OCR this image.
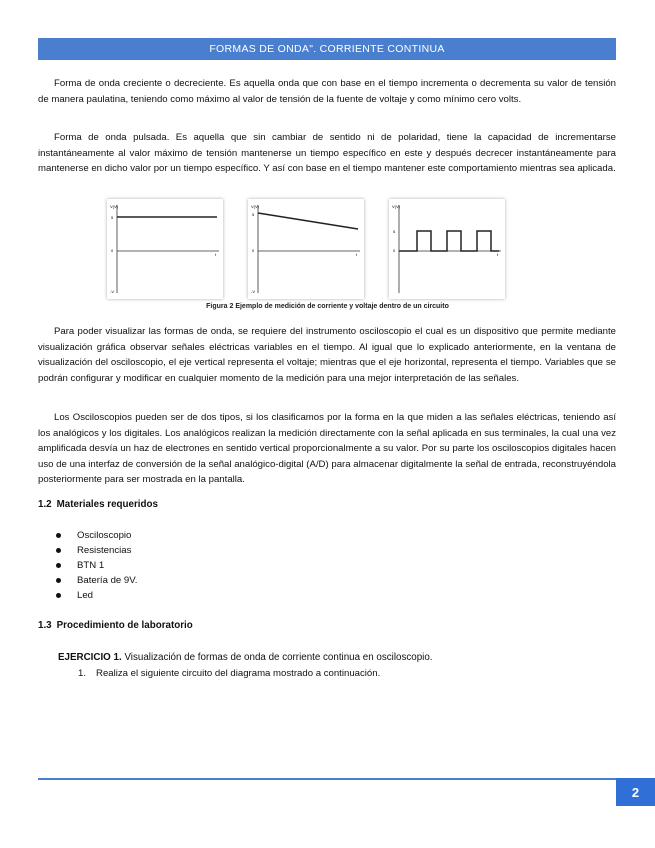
FORMAS DE ONDA". CORRIENTE CONTINUA

Forma de onda creciente o decreciente. Es aquella onda que con base en el tiempo incrementa o decrementa su valor de tensión de manera paulatina, teniendo como máximo al valor de tensión de la fuente de voltaje y como mínimo cero volts.

Forma de onda pulsada. Es aquella que sin cambiar de sentido ni de polaridad, tiene la capacidad de incrementarse instantáneamente al valor máximo de tensión mantenerse un tiempo específico en este y después decrecer instantáneamente para mantenerse en dicho valor por un tiempo específico. Y así con base en el tiempo mantener este comportamiento mientras sea aplicada.

V(V)
5
0
-V
t
V(V)
5
0
-V
t
V(V)
5
0
t
Figura 2 Ejemplo de medición de corriente y voltaje dentro de un circuito

Para poder visualizar las formas de onda, se requiere del instrumento osciloscopio el cual es un dispositivo que permite mediante visualización gráfica observar señales eléctricas variables en el tiempo. Al igual que lo explicado anteriormente, en la ventana de visualización del osciloscopio, el eje vertical representa el voltaje; mientras que el eje horizontal, representa el tiempo. Variables que se podrán configurar y modificar en cualquier momento de la medición para una mejor interpretación de las señales.

Los Osciloscopios pueden ser de dos tipos, si los clasificamos por la forma en la que miden a las señales eléctricas, teniendo así los analógicos y los digitales. Los analógicos realizan la medición directamente con la señal aplicada en sus terminales, la cual una vez amplificada desvía un haz de electrones en sentido vertical proporcionalmente a su valor. Por su parte los osciloscopios digitales hacen uso de una interfaz de conversión de la señal analógico-digital (A/D) para almacenar digitalmente la señal de entrada, reconstruyéndola posteriormente para ser mostrada en la pantalla.

1.2 Materiales requeridos
Osciloscopio
Resistencias
BTN 1
Batería de 9V.
Led
1.3 Procedimiento de laboratorio
EJERCICIO 1. Visualización de formas de onda de corriente continua en osciloscopio.
1. Realiza el siguiente circuito del diagrama mostrado a continuación.
2
